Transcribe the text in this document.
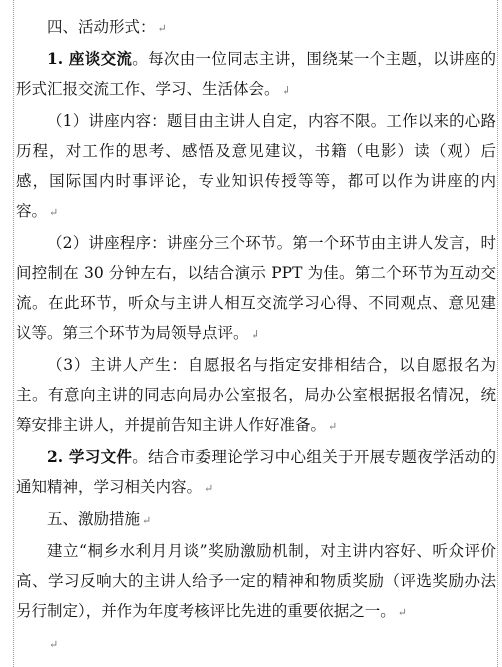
四、活动形式： ↵

1. 座谈交流。每次由一位同志主讲，围绕某一个主题，以讲座的形式汇报交流工作、学习、生活体会。 ↲

（1）讲座内容：题目由主讲人自定，内容不限。工作以来的心路历程，对工作的思考、感悟及意见建议，书籍（电影）读（观）后感，国际国内时事评论，专业知识传授等等，都可以作为讲座的内容。 ↵

（2）讲座程序：讲座分三个环节。第一个环节由主讲人发言，时间控制在 30 分钟左右，以结合演示 PPT 为佳。第二个环节为互动交流。在此环节，听众与主讲人相互交流学习心得、不同观点、意见建议等。第三个环节为局领导点评。 ↲

（3）主讲人产生：自愿报名与指定安排相结合，以自愿报名为主。有意向主讲的同志向局办公室报名，局办公室根据报名情况，统筹安排主讲人，并提前告知主讲人作好准备。 ↵

2. 学习文件。结合市委理论学习中心组关于开展专题夜学活动的通知精神，学习相关内容。 ↵

五、激励措施 ↵

建立“桐乡水利月月谈”奖励激励机制，对主讲内容好、听众评价高、学习反响大的主讲人给予一定的精神和物质奖励（评选奖励办法另行制定），并作为年度考核评比先进的重要依据之一。 ↵

↵
